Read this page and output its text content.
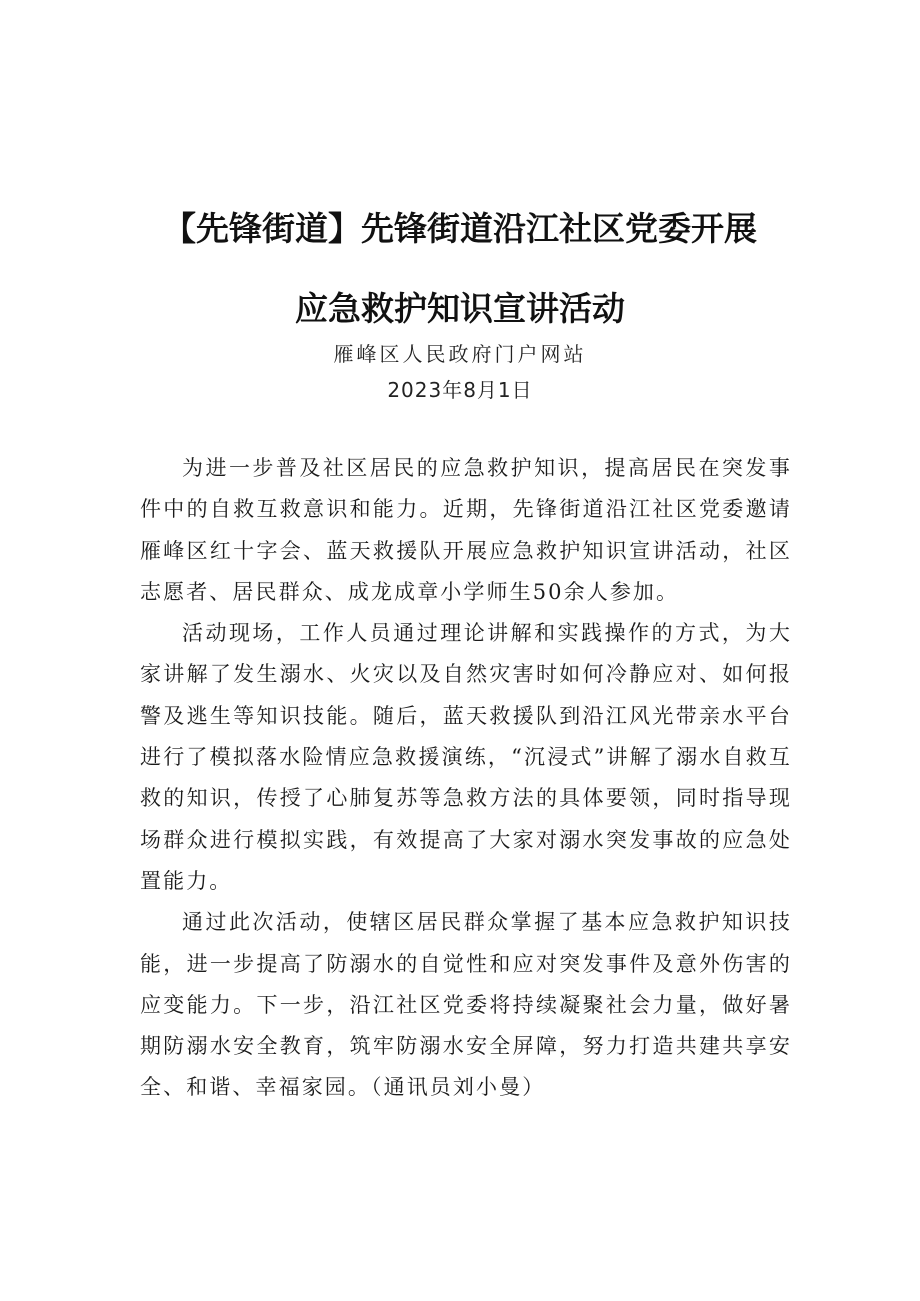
【先锋街道】先锋街道沿江社区党委开展
应急救护知识宣讲活动
雁峰区人民政府门户网站
2023年8月1日

为进一步普及社区居民的应急救护知识，提高居民在突发事件中的自救互救意识和能力。近期，先锋街道沿江社区党委邀请雁峰区红十字会、蓝天救援队开展应急救护知识宣讲活动，社区志愿者、居民群众、成龙成章小学师生50余人参加。

活动现场，工作人员通过理论讲解和实践操作的方式，为大家讲解了发生溺水、火灾以及自然灾害时如何冷静应对、如何报警及逃生等知识技能。随后，蓝天救援队到沿江风光带亲水平台进行了模拟落水险情应急救援演练，“沉浸式”讲解了溺水自救互救的知识，传授了心肺复苏等急救方法的具体要领，同时指导现场群众进行模拟实践，有效提高了大家对溺水突发事故的应急处置能力。

通过此次活动，使辖区居民群众掌握了基本应急救护知识技能，进一步提高了防溺水的自觉性和应对突发事件及意外伤害的应变能力。下一步，沿江社区党委将持续凝聚社会力量，做好暑期防溺水安全教育，筑牢防溺水安全屏障，努力打造共建共享安全、和谐、幸福家园。（通讯员刘小曼）
